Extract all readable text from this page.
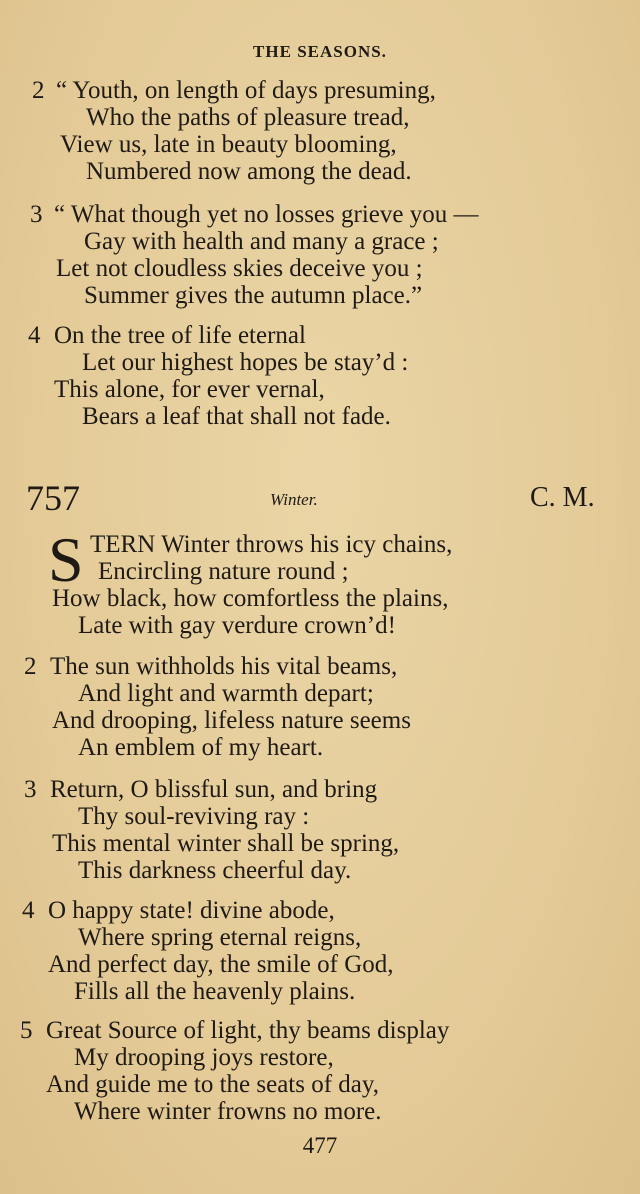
THE SEASONS.
2 “ Youth, on length of days presuming,
Who the paths of pleasure tread,
View us, late in beauty blooming,
Numbered now among the dead.
3 “ What though yet no losses grieve you —
Gay with health and many a grace ;
Let not cloudless skies deceive you ;
Summer gives the autumn place.”
4 On the tree of life eternal
Let our highest hopes be stay’d :
This alone, for ever vernal,
Bears a leaf that shall not fade.
757	Winter.	C. M.
S TERN Winter throws his icy chains,
Encircling nature round ;
How black, how comfortless the plains,
Late with gay verdure crown’d!
2 The sun withholds his vital beams,
And light and warmth depart;
And drooping, lifeless nature seems
An emblem of my heart.
3 Return, O blissful sun, and bring
Thy soul-reviving ray :
This mental winter shall be spring,
This darkness cheerful day.
4 O happy state! divine abode,
Where spring eternal reigns,
And perfect day, the smile of God,
Fills all the heavenly plains.
5 Great Source of light, thy beams display
My drooping joys restore,
And guide me to the seats of day,
Where winter frowns no more.
477
